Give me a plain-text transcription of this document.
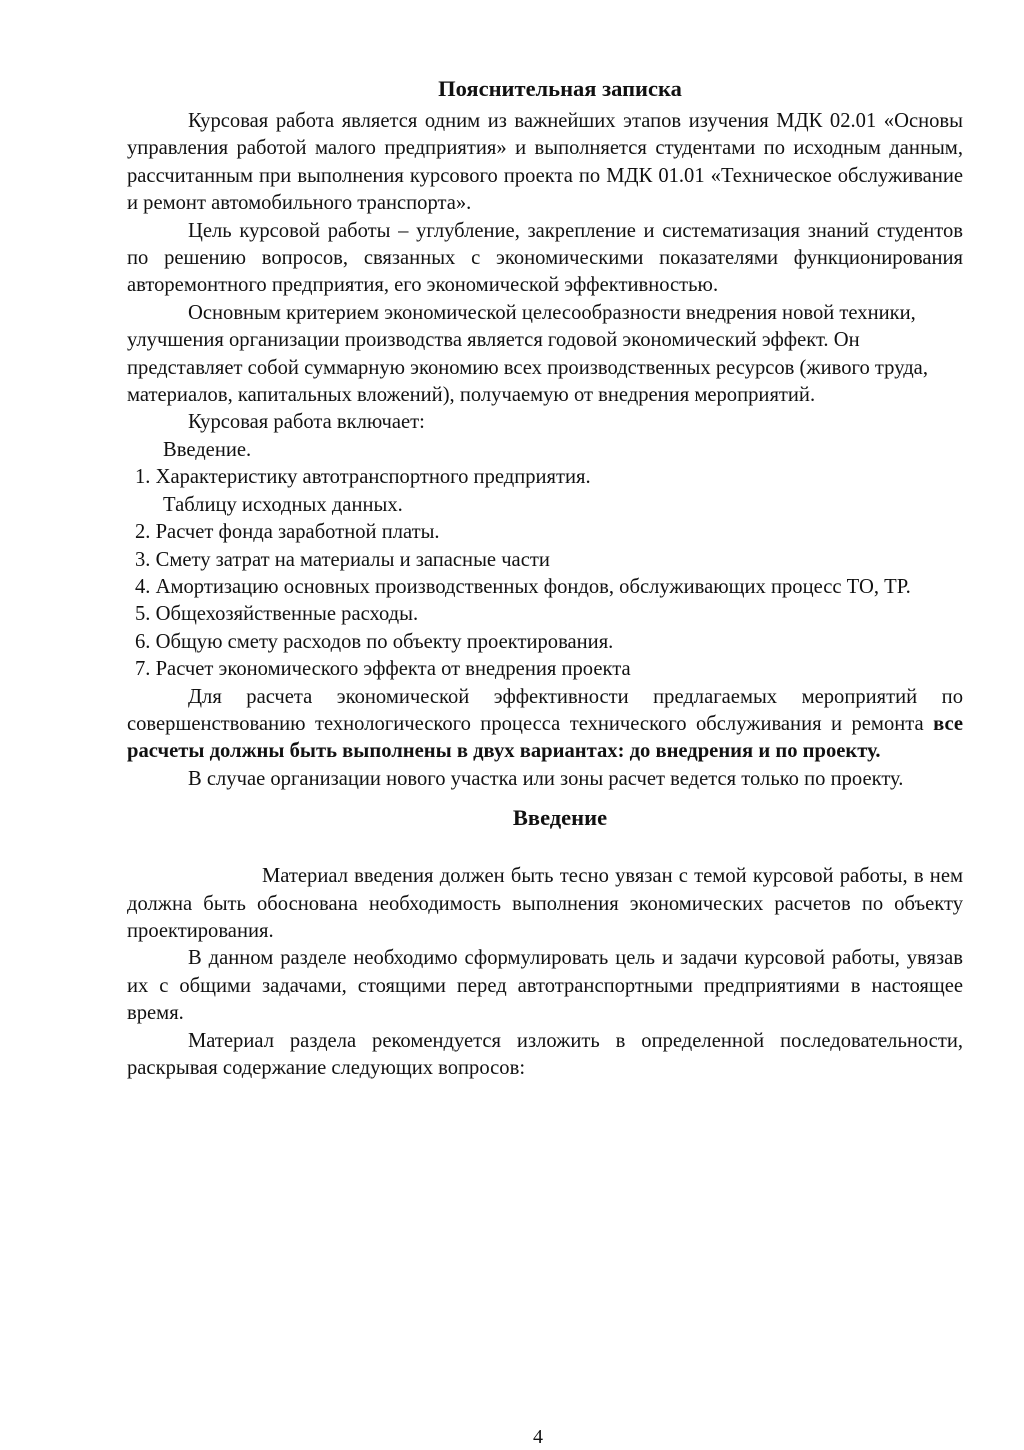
Пояснительная записка

Курсовая работа является одним из важнейших этапов изучения МДК 02.01 «Основы управления работой малого предприятия» и выполняется студентами по исходным данным, рассчитанным при выполнения курсового проекта по МДК 01.01 «Техническое обслуживание и ремонт автомобильного транспорта».

Цель курсовой работы – углубление, закрепление и систематизация знаний студентов по решению вопросов, связанных с экономическими показателями функционирования авторемонтного предприятия, его экономической эффективностью.

Основным критерием экономической целесообразности внедрения новой техники, улучшения организации производства является годовой экономический эффект. Он представляет собой суммарную экономию всех производственных ресурсов (живого труда, материалов, капитальных вложений), получаемую от внедрения мероприятий.

Курсовая работа включает:

Введение.

1. Характеристику автотранспортного предприятия.

Таблицу исходных данных.

2. Расчет фонда заработной платы.

3. Смету затрат на материалы и запасные части

4. Амортизацию основных производственных фондов, обслуживающих процесс ТО, ТР.

5. Общехозяйственные расходы.

6. Общую смету расходов по объекту проектирования.

7. Расчет экономического эффекта от внедрения проекта

Для расчета экономической эффективности предлагаемых мероприятий по совершенствованию технологического процесса технического обслуживания и ремонта все расчеты должны быть выполнены в двух вариантах: до внедрения и по проекту.

В случае организации нового участка или зоны расчет ведется только по проекту.

Введение

Материал введения должен быть тесно увязан с темой курсовой работы, в нем должна быть обоснована необходимость выполнения экономических расчетов по объекту проектирования.

В данном разделе необходимо сформулировать цель и задачи курсовой работы, увязав их с общими задачами, стоящими перед автотранспортными предприятиями в настоящее время.

Материал раздела рекомендуется изложить в определенной последовательности, раскрывая содержание следующих вопросов:

4
